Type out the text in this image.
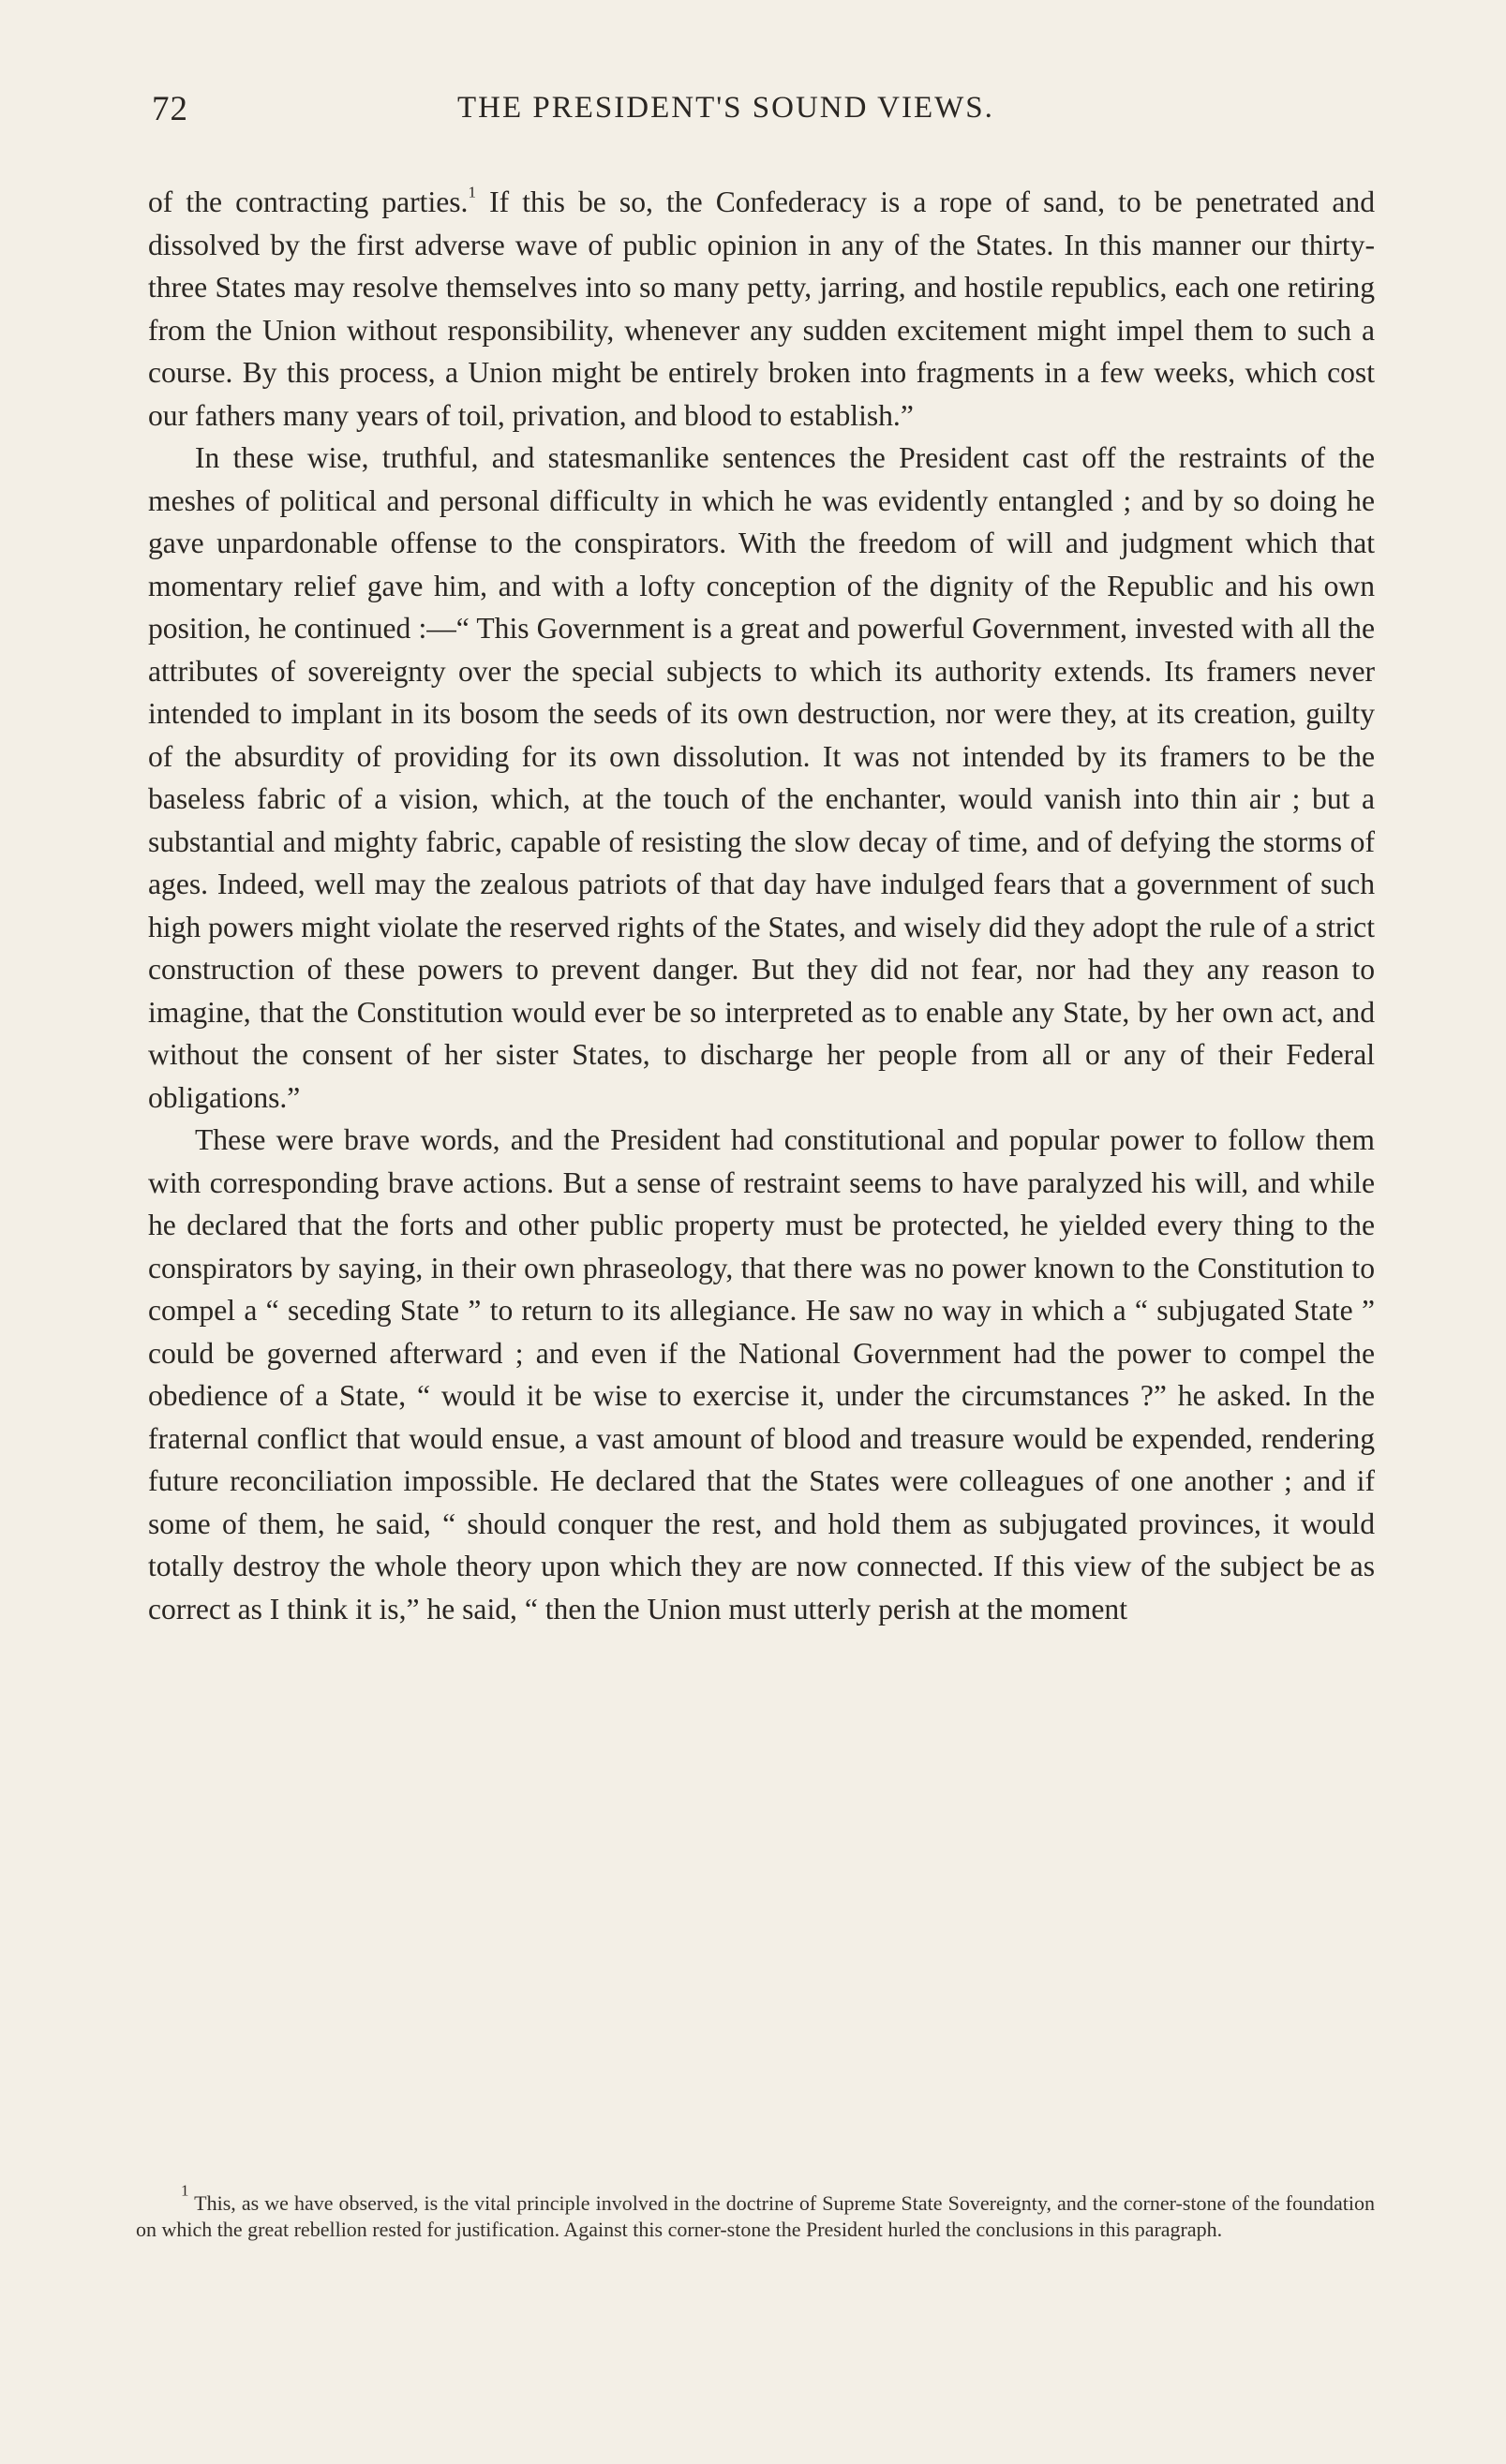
72	THE PRESIDENT'S SOUND VIEWS.

of the contracting parties.$^1$ If this be so, the Confederacy is a rope of sand, to be penetrated and dissolved by the first adverse wave of public opinion in any of the States. In this manner our thirty-three States may resolve themselves into so many petty, jarring, and hostile republics, each one retiring from the Union without responsibility, whenever any sudden excitement might impel them to such a course. By this process, a Union might be entirely broken into fragments in a few weeks, which cost our fathers many years of toil, privation, and blood to establish.”

In these wise, truthful, and statesmanlike sentences the President cast off the restraints of the meshes of political and personal difficulty in which he was evidently entangled ; and by so doing he gave unpardonable offense to the conspirators. With the freedom of will and judgment which that momentary relief gave him, and with a lofty conception of the dignity of the Republic and his own position, he continued :—“ This Government is a great and powerful Government, invested with all the attributes of sovereignty over the special subjects to which its authority extends. Its framers never intended to implant in its bosom the seeds of its own destruction, nor were they, at its creation, guilty of the absurdity of providing for its own dissolution. It was not intended by its framers to be the baseless fabric of a vision, which, at the touch of the enchanter, would vanish into thin air ; but a substantial and mighty fabric, capable of resisting the slow decay of time, and of defying the storms of ages. Indeed, well may the zealous patriots of that day have indulged fears that a government of such high powers might violate the reserved rights of the States, and wisely did they adopt the rule of a strict construction of these powers to prevent danger. But they did not fear, nor had they any reason to imagine, that the Constitution would ever be so interpreted as to enable any State, by her own act, and without the consent of her sister States, to discharge her people from all or any of their Federal obligations.”

These were brave words, and the President had constitutional and popular power to follow them with corresponding brave actions. But a sense of restraint seems to have paralyzed his will, and while he declared that the forts and other public property must be protected, he yielded every thing to the conspirators by saying, in their own phraseology, that there was no power known to the Constitution to compel a “ seceding State ” to return to its allegiance. He saw no way in which a “ subjugated State ” could be governed afterward ; and even if the National Government had the power to compel the obedience of a State, “ would it be wise to exercise it, under the circumstances ?” he asked. In the fraternal conflict that would ensue, a vast amount of blood and treasure would be expended, rendering future reconciliation impossible. He declared that the States were colleagues of one another ; and if some of them, he said, “ should conquer the rest, and hold them as subjugated provinces, it would totally destroy the whole theory upon which they are now connected. If this view of the subject be as correct as I think it is,” he said, “ then the Union must utterly perish at the moment

$^1$ This, as we have observed, is the vital principle involved in the doctrine of Supreme State Sovereignty, and the corner-stone of the foundation on which the great rebellion rested for justification. Against this corner-stone the President hurled the conclusions in this paragraph.
